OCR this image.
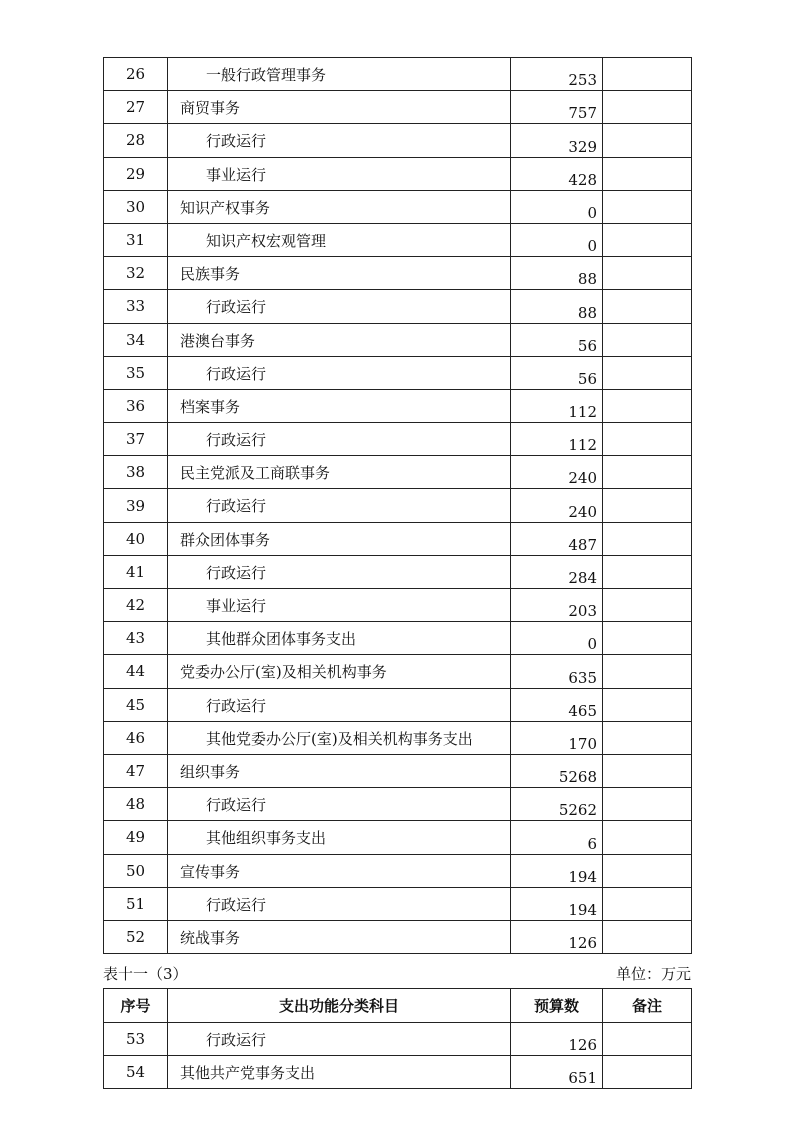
26	一般行政管理事务	253	
27	商贸事务	757	
28	行政运行	329	
29	事业运行	428	
30	知识产权事务	0	
31	知识产权宏观管理	0	
32	民族事务	88	
33	行政运行	88	
34	港澳台事务	56	
35	行政运行	56	
36	档案事务	112	
37	行政运行	112	
38	民主党派及工商联事务	240	
39	行政运行	240	
40	群众团体事务	487	
41	行政运行	284	
42	事业运行	203	
43	其他群众团体事务支出	0	
44	党委办公厅(室)及相关机构事务	635	
45	行政运行	465	
46	其他党委办公厅(室)及相关机构事务支出	170	
47	组织事务	5268	
48	行政运行	5262	
49	其他组织事务支出	6	
50	宣传事务	194	
51	行政运行	194	
52	统战事务	126	
表十一（3）	单位：万元
序号	支出功能分类科目	预算数	备注
53	行政运行	126	
54	其他共产党事务支出	651	
